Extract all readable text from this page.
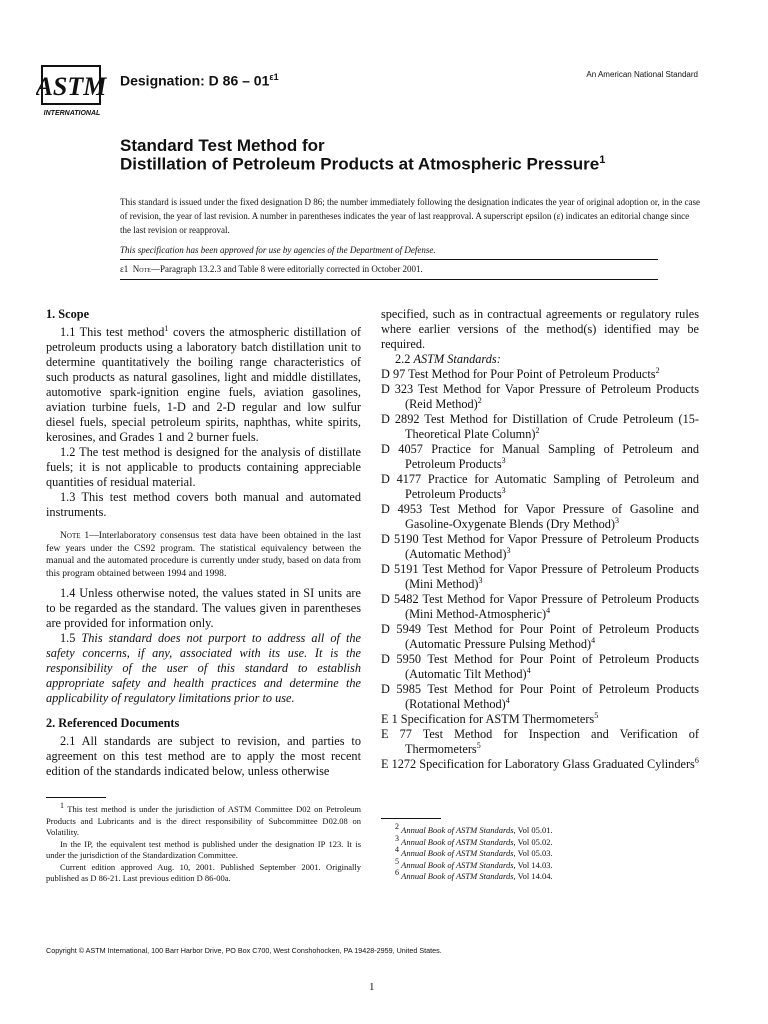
ASTM
INTERNATIONAL
Designation: D $86 - 01^{\varepsilon 1}$	An American National Standard
Standard Test Method for
Distillation of Petroleum Products at Atmospheric Pressure$^1$
This standard is issued under the fixed designation D 86; the number immediately following the designation indicates the year of original adoption or, in the case of revision, the year of last revision. A number in parentheses indicates the year of last reapproval. A superscript epsilon (ε) indicates an editorial change since the last revision or reapproval.
This specification has been approved for use by agencies of the Department of Defense.
ε1 Note—Paragraph 13.2.3 and Table 8 were editorially corrected in October 2001.
1. Scope
1.1 This test method$^1$ covers the atmospheric distillation of petroleum products using a laboratory batch distillation unit to determine quantitatively the boiling range characteristics of such products as natural gasolines, light and middle distillates, automotive spark-ignition engine fuels, aviation gasolines, aviation turbine fuels, 1-D and 2-D regular and low sulfur diesel fuels, special petroleum spirits, naphthas, white spirits, kerosines, and Grades 1 and 2 burner fuels.
1.2 The test method is designed for the analysis of distillate fuels; it is not applicable to products containing appreciable quantities of residual material.
1.3 This test method covers both manual and automated instruments.
Note 1—Interlaboratory consensus test data have been obtained in the last few years under the CS92 program. The statistical equivalency between the manual and the automated procedure is currently under study, based on data from this program obtained between 1994 and 1998.
1.4 Unless otherwise noted, the values stated in SI units are to be regarded as the standard. The values given in parentheses are provided for information only.
1.5 This standard does not purport to address all of the safety concerns, if any, associated with its use. It is the responsibility of the user of this standard to establish appropriate safety and health practices and determine the applicability of regulatory limitations prior to use.
2. Referenced Documents
2.1 All standards are subject to revision, and parties to agreement on this test method are to apply the most recent edition of the standards indicated below, unless otherwise
$^1$ This test method is under the jurisdiction of ASTM Committee D02 on Petroleum Products and Lubricants and is the direct responsibility of Subcommittee D02.08 on Volatility.
In the IP, the equivalent test method is published under the designation IP 123. It is under the jurisdiction of the Standardization Committee.
Current edition approved Aug. 10, 2001. Published September 2001. Originally published as D 86-21. Last previous edition D 86-00a.
specified, such as in contractual agreements or regulatory rules where earlier versions of the method(s) identified may be required.
2.2 ASTM Standards:
D 97 Test Method for Pour Point of Petroleum Products$^2$
D 323 Test Method for Vapor Pressure of Petroleum Products (Reid Method)$^2$
D 2892 Test Method for Distillation of Crude Petroleum (15-Theoretical Plate Column)$^2$
D 4057 Practice for Manual Sampling of Petroleum and Petroleum Products$^3$
D 4177 Practice for Automatic Sampling of Petroleum and Petroleum Products$^3$
D 4953 Test Method for Vapor Pressure of Gasoline and Gasoline-Oxygenate Blends (Dry Method)$^3$
D 5190 Test Method for Vapor Pressure of Petroleum Products (Automatic Method)$^3$
D 5191 Test Method for Vapor Pressure of Petroleum Products (Mini Method)$^3$
D 5482 Test Method for Vapor Pressure of Petroleum Products (Mini Method-Atmospheric)$^4$
D 5949 Test Method for Pour Point of Petroleum Products (Automatic Pressure Pulsing Method)$^4$
D 5950 Test Method for Pour Point of Petroleum Products (Automatic Tilt Method)$^4$
D 5985 Test Method for Pour Point of Petroleum Products (Rotational Method)$^4$
E 1 Specification for ASTM Thermometers$^5$
E 77 Test Method for Inspection and Verification of Thermometers$^5$
E 1272 Specification for Laboratory Glass Graduated Cylinders$^6$
$^2$ Annual Book of ASTM Standards, Vol 05.01.
$^3$ Annual Book of ASTM Standards, Vol 05.02.
$^4$ Annual Book of ASTM Standards, Vol 05.03.
$^5$ Annual Book of ASTM Standards, Vol 14.03.
$^6$ Annual Book of ASTM Standards, Vol 14.04.
Copyright © ASTM International, 100 Barr Harbor Drive, PO Box C700, West Conshohocken, PA 19428-2959, United States.
1
